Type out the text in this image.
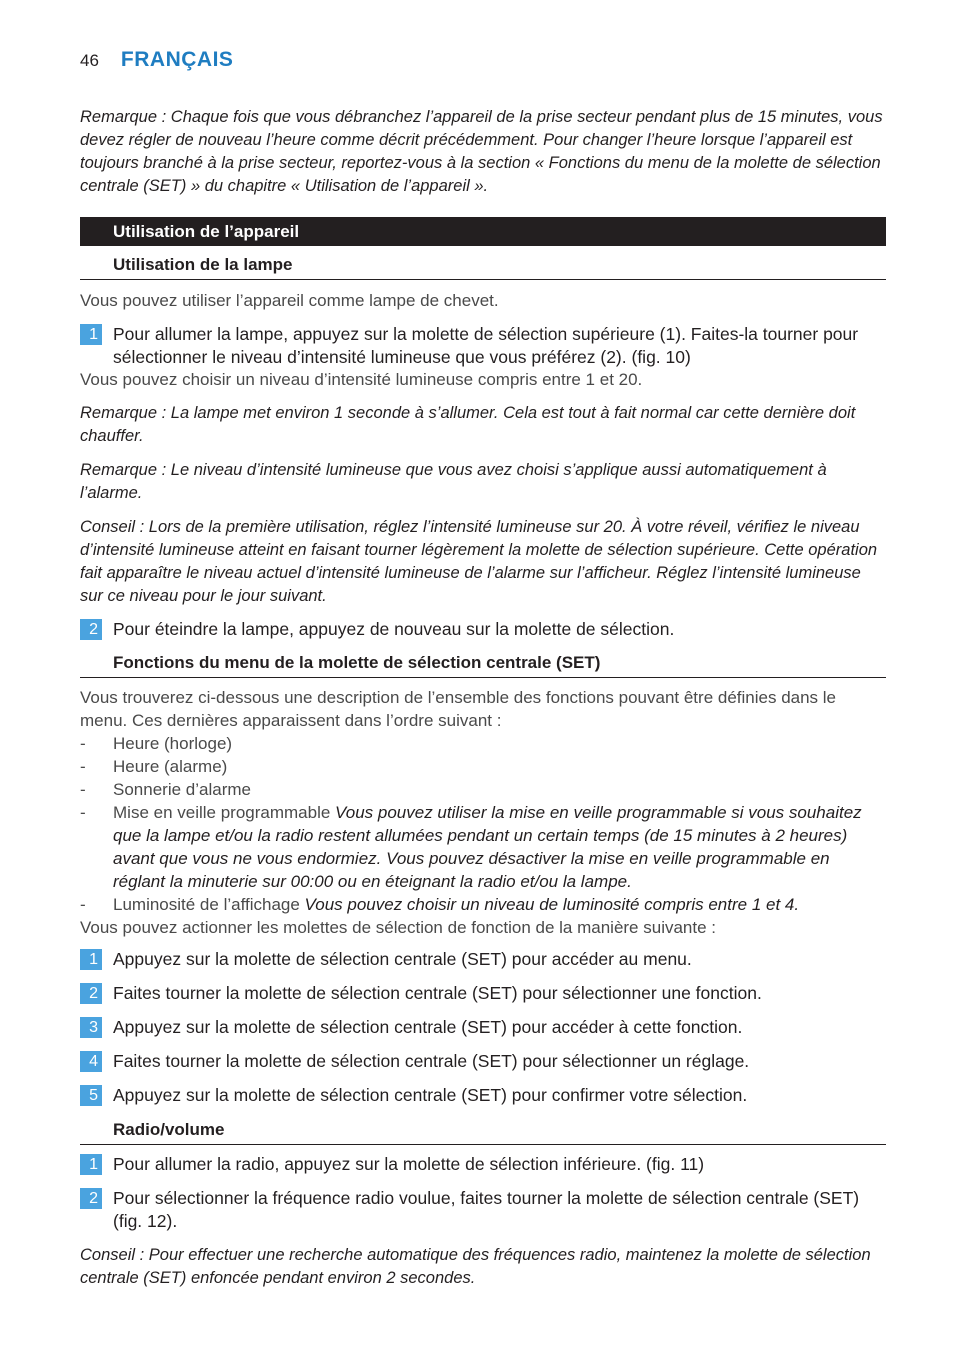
46 FRANÇAIS

Remarque : Chaque fois que vous débranchez l’appareil de la prise secteur pendant plus de 15 minutes, vous devez régler de nouveau l’heure comme décrit précédemment. Pour changer l’heure lorsque l’appareil est toujours branché à la prise secteur, reportez-vous à la section « Fonctions du menu de la molette de sélection centrale (SET) » du chapitre « Utilisation de l’appareil ».

Utilisation de l’appareil
Utilisation de la lampe

Vous pouvez utiliser l’appareil comme lampe de chevet.

1 Pour allumer la lampe, appuyez sur la molette de sélection supérieure (1). Faites-la tourner pour sélectionner le niveau d’intensité lumineuse que vous préférez (2). (fig. 10)

Vous pouvez choisir un niveau d’intensité lumineuse compris entre 1 et 20.

Remarque : La lampe met environ 1 seconde à s’allumer. Cela est tout à fait normal car cette dernière doit chauffer.

Remarque : Le niveau d’intensité lumineuse que vous avez choisi s’applique aussi automatiquement à l’alarme.

Conseil : Lors de la première utilisation, réglez l’intensité lumineuse sur 20. À votre réveil, vérifiez le niveau d’intensité lumineuse atteint en faisant tourner légèrement la molette de sélection supérieure. Cette opération fait apparaître le niveau actuel d’intensité lumineuse de l’alarme sur l’afficheur. Réglez l’intensité lumineuse sur ce niveau pour le jour suivant.

2 Pour éteindre la lampe, appuyez de nouveau sur la molette de sélection.
Fonctions du menu de la molette de sélection centrale (SET)

Vous trouverez ci-dessous une description de l’ensemble des fonctions pouvant être définies dans le menu. Ces dernières apparaissent dans l’ordre suivant :

-	Heure (horloge)

-	Heure (alarme)

-	Sonnerie d’alarme

-	Mise en veille programmable Vous pouvez utiliser la mise en veille programmable si vous souhaitez que la lampe et/ou la radio restent allumées pendant un certain temps (de 15 minutes à 2 heures) avant que vous ne vous endormiez. Vous pouvez désactiver la mise en veille programmable en réglant la minuterie sur 00:00 ou en éteignant la radio et/ou la lampe.

-	Luminosité de l’affichage Vous pouvez choisir un niveau de luminosité compris entre 1 et 4.

Vous pouvez actionner les molettes de sélection de fonction de la manière suivante :

1 Appuyez sur la molette de sélection centrale (SET) pour accéder au menu.
2 Faites tourner la molette de sélection centrale (SET) pour sélectionner une fonction.
3 Appuyez sur la molette de sélection centrale (SET) pour accéder à cette fonction.
4 Faites tourner la molette de sélection centrale (SET) pour sélectionner un réglage.
5 Appuyez sur la molette de sélection centrale (SET) pour confirmer votre sélection.
Radio/volume
1 Pour allumer la radio, appuyez sur la molette de sélection inférieure. (fig. 11)
2 Pour sélectionner la fréquence radio voulue, faites tourner la molette de sélection centrale (SET) (fig. 12).

Conseil : Pour effectuer une recherche automatique des fréquences radio, maintenez la molette de sélection centrale (SET) enfoncée pendant environ 2 secondes.
